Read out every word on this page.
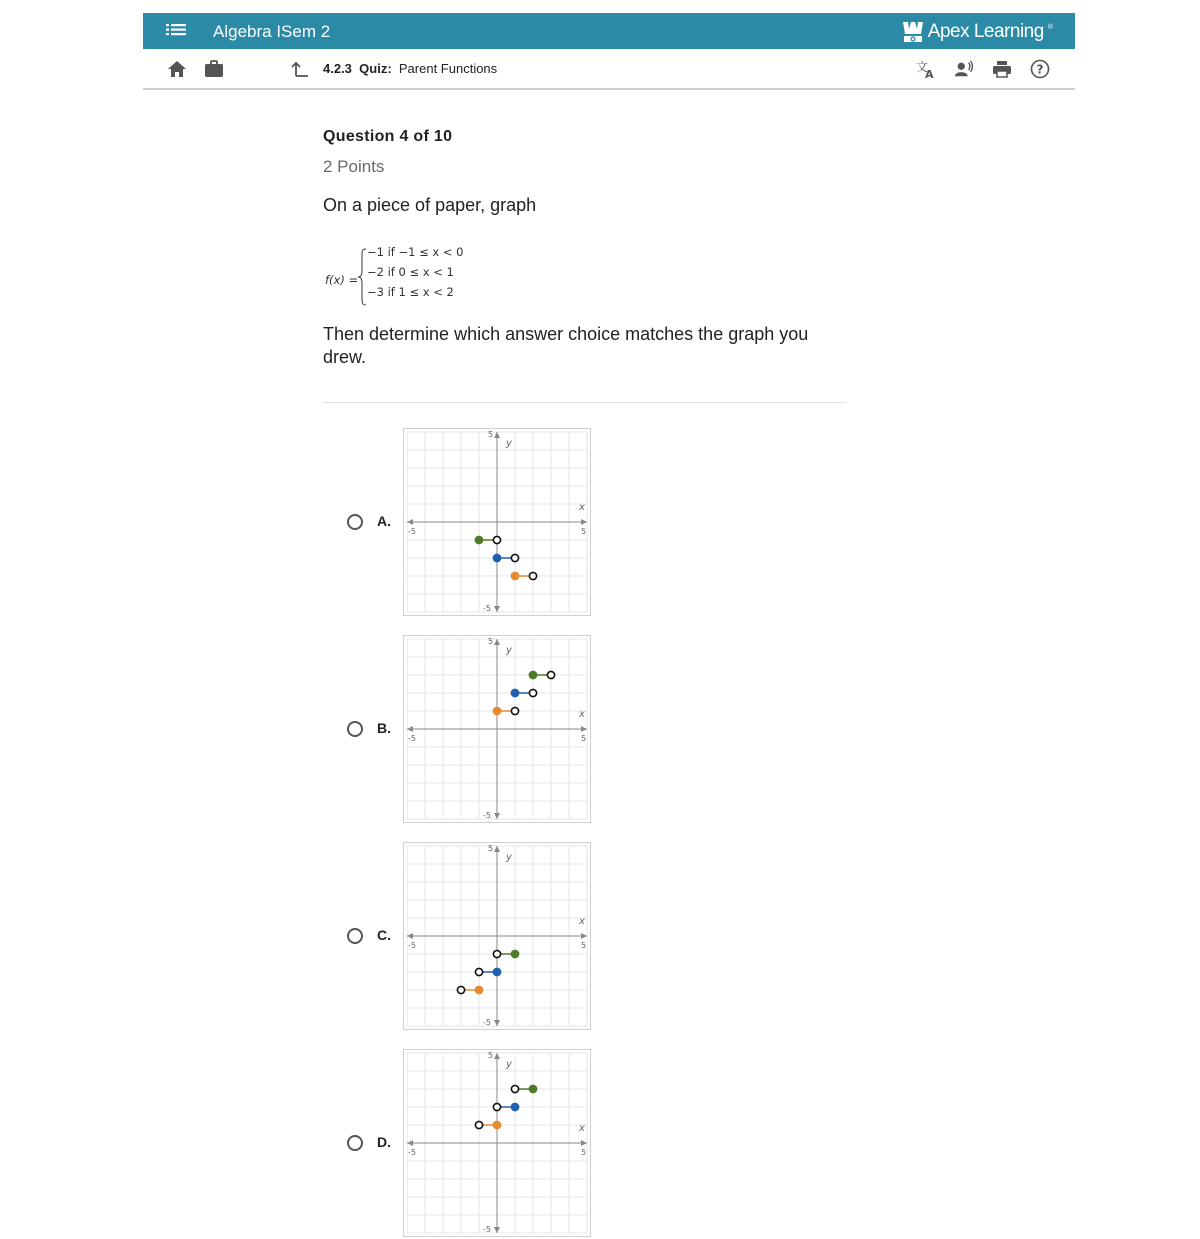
Algebra ISem 2	Apex Learning ®
4.2.3 Quiz: Parent Functions	文
A	?
Question 4 of 10
2 Points
On a piece of paper, graph
f(x) =
−1 if −1 ≤ x < 0
−2 if 0 ≤ x < 1
−3 if 1 ≤ x < 2
Then determine which answer choice matches the graph you drew.
A.
5
y
x
-5	5
-5
B.
5
y
x
-5	5
-5
C.
5
y
x
-5	5
-5
D.
5
y
x
-5	5
-5
